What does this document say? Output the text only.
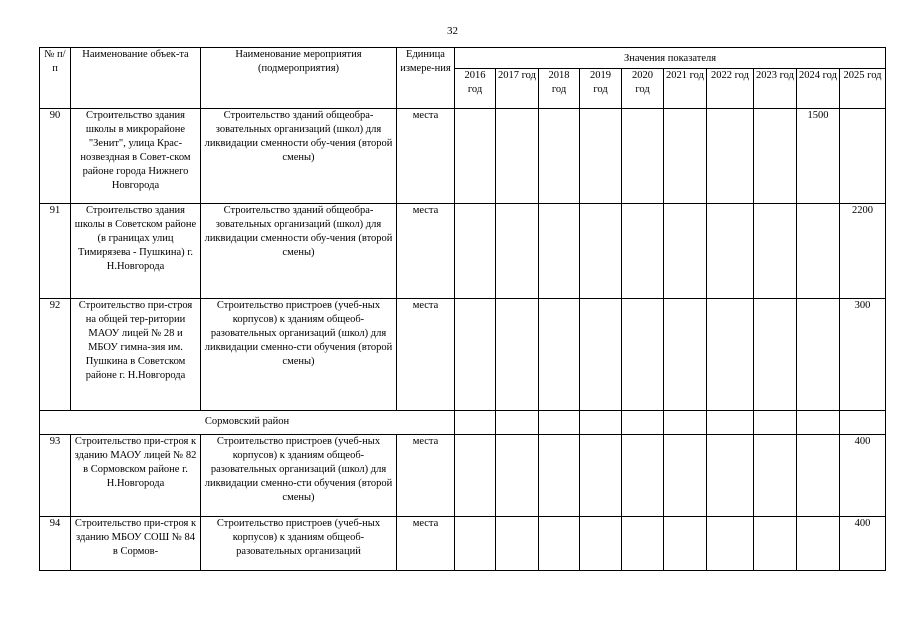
32
№ п/п	Наименование объек-та	Наименование мероприятия (подмероприятия)	Единица измере-ния	Значения показателя									
				2016 год	2017 год	2018 год	2019 год	2020 год	2021 год	2022 год	2023 год	2024 год	2025 год
90	Строительство здания школы в микрорайоне "Зенит", улица Крас-нозвездная в Совет-ском районе города Нижнего Новгорода	Строительство зданий общеобра-зовательных организаций (школ) для ликвидации сменности обу-чения (второй смены)	места									1500	
91	Строительство здания школы в Советском районе (в границах улиц Тимирязева - Пушкина) г. Н.Новгорода	Строительство зданий общеобра-зовательных организаций (школ) для ликвидации сменности обу-чения (второй смены)	места										2200
92	Строительство при-строя на общей тер-ритории МАОУ лицей № 28 и МБОУ гимна-зия им. Пушкина в Советском районе г. Н.Новгорода	Строительство пристроев (учеб-ных корпусов) к зданиям общеоб-разовательных организаций (школ) для ликвидации сменно-сти обучения (второй смены)	места										300
Сормовский район													
93	Строительство при-строя к зданию МАОУ лицей № 82 в Сормовском районе г. Н.Новгорода	Строительство пристроев (учеб-ных корпусов) к зданиям общеоб-разовательных организаций (школ) для ликвидации сменно-сти обучения (второй смены)	места										400
94	Строительство при-строя к зданию МБОУ СОШ № 84 в Сормов-	Строительство пристроев (учеб-ных корпусов) к зданиям общеоб-разовательных организаций	места										400
